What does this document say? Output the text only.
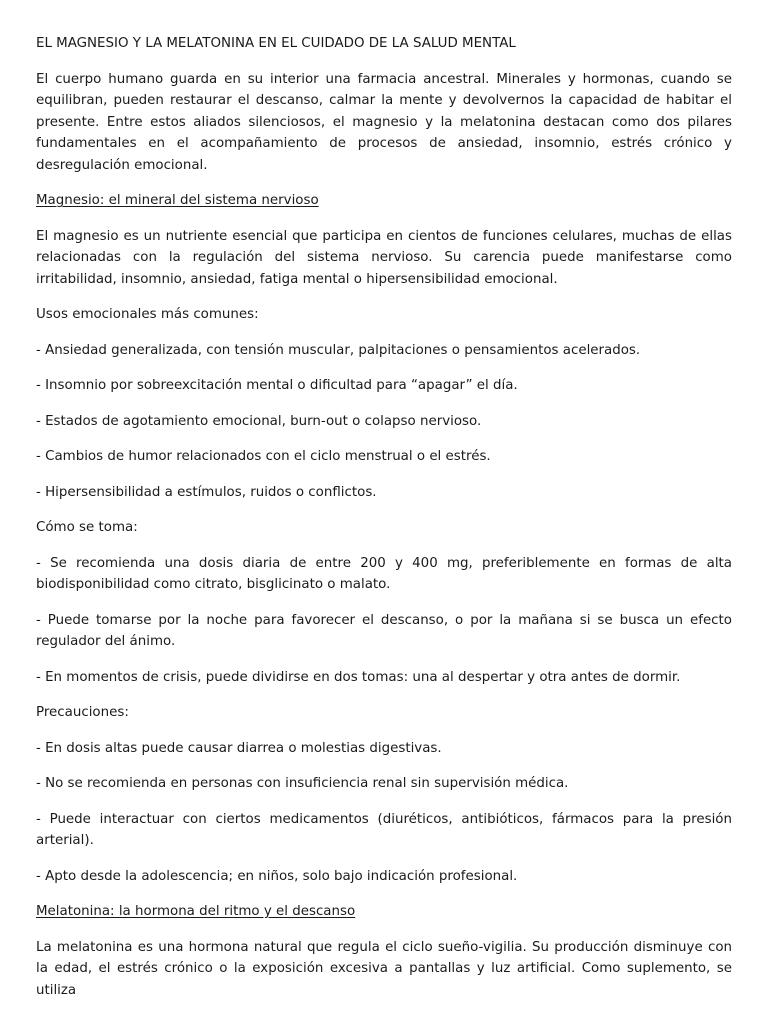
EL MAGNESIO Y LA MELATONINA EN EL CUIDADO DE LA SALUD MENTAL

El cuerpo humano guarda en su interior una farmacia ancestral. Minerales y hormonas, cuando se equilibran, pueden restaurar el descanso, calmar la mente y devolvernos la capacidad de habitar el presente. Entre estos aliados silenciosos, el magnesio y la melatonina destacan como dos pilares fundamentales en el acompañamiento de procesos de ansiedad, insomnio, estrés crónico y desregulación emocional.

Magnesio: el mineral del sistema nervioso

El magnesio es un nutriente esencial que participa en cientos de funciones celulares, muchas de ellas relacionadas con la regulación del sistema nervioso. Su carencia puede manifestarse como irritabilidad, insomnio, ansiedad, fatiga mental o hipersensibilidad emocional.

Usos emocionales más comunes:

- Ansiedad generalizada, con tensión muscular, palpitaciones o pensamientos acelerados.

- Insomnio por sobreexcitación mental o dificultad para “apagar” el día.

- Estados de agotamiento emocional, burn-out o colapso nervioso.

- Cambios de humor relacionados con el ciclo menstrual o el estrés.

- Hipersensibilidad a estímulos, ruidos o conflictos.

Cómo se toma:

- Se recomienda una dosis diaria de entre 200 y 400 mg, preferiblemente en formas de alta biodisponibilidad como citrato, bisglicinato o malato.

- Puede tomarse por la noche para favorecer el descanso, o por la mañana si se busca un efecto regulador del ánimo.

- En momentos de crisis, puede dividirse en dos tomas: una al despertar y otra antes de dormir.

Precauciones:

- En dosis altas puede causar diarrea o molestias digestivas.

- No se recomienda en personas con insuficiencia renal sin supervisión médica.

- Puede interactuar con ciertos medicamentos (diuréticos, antibióticos, fármacos para la presión arterial).

- Apto desde la adolescencia; en niños, solo bajo indicación profesional.

Melatonina: la hormona del ritmo y el descanso

La melatonina es una hormona natural que regula el ciclo sueño-vigilia. Su producción disminuye con la edad, el estrés crónico o la exposición excesiva a pantallas y luz artificial. Como suplemento, se utiliza
